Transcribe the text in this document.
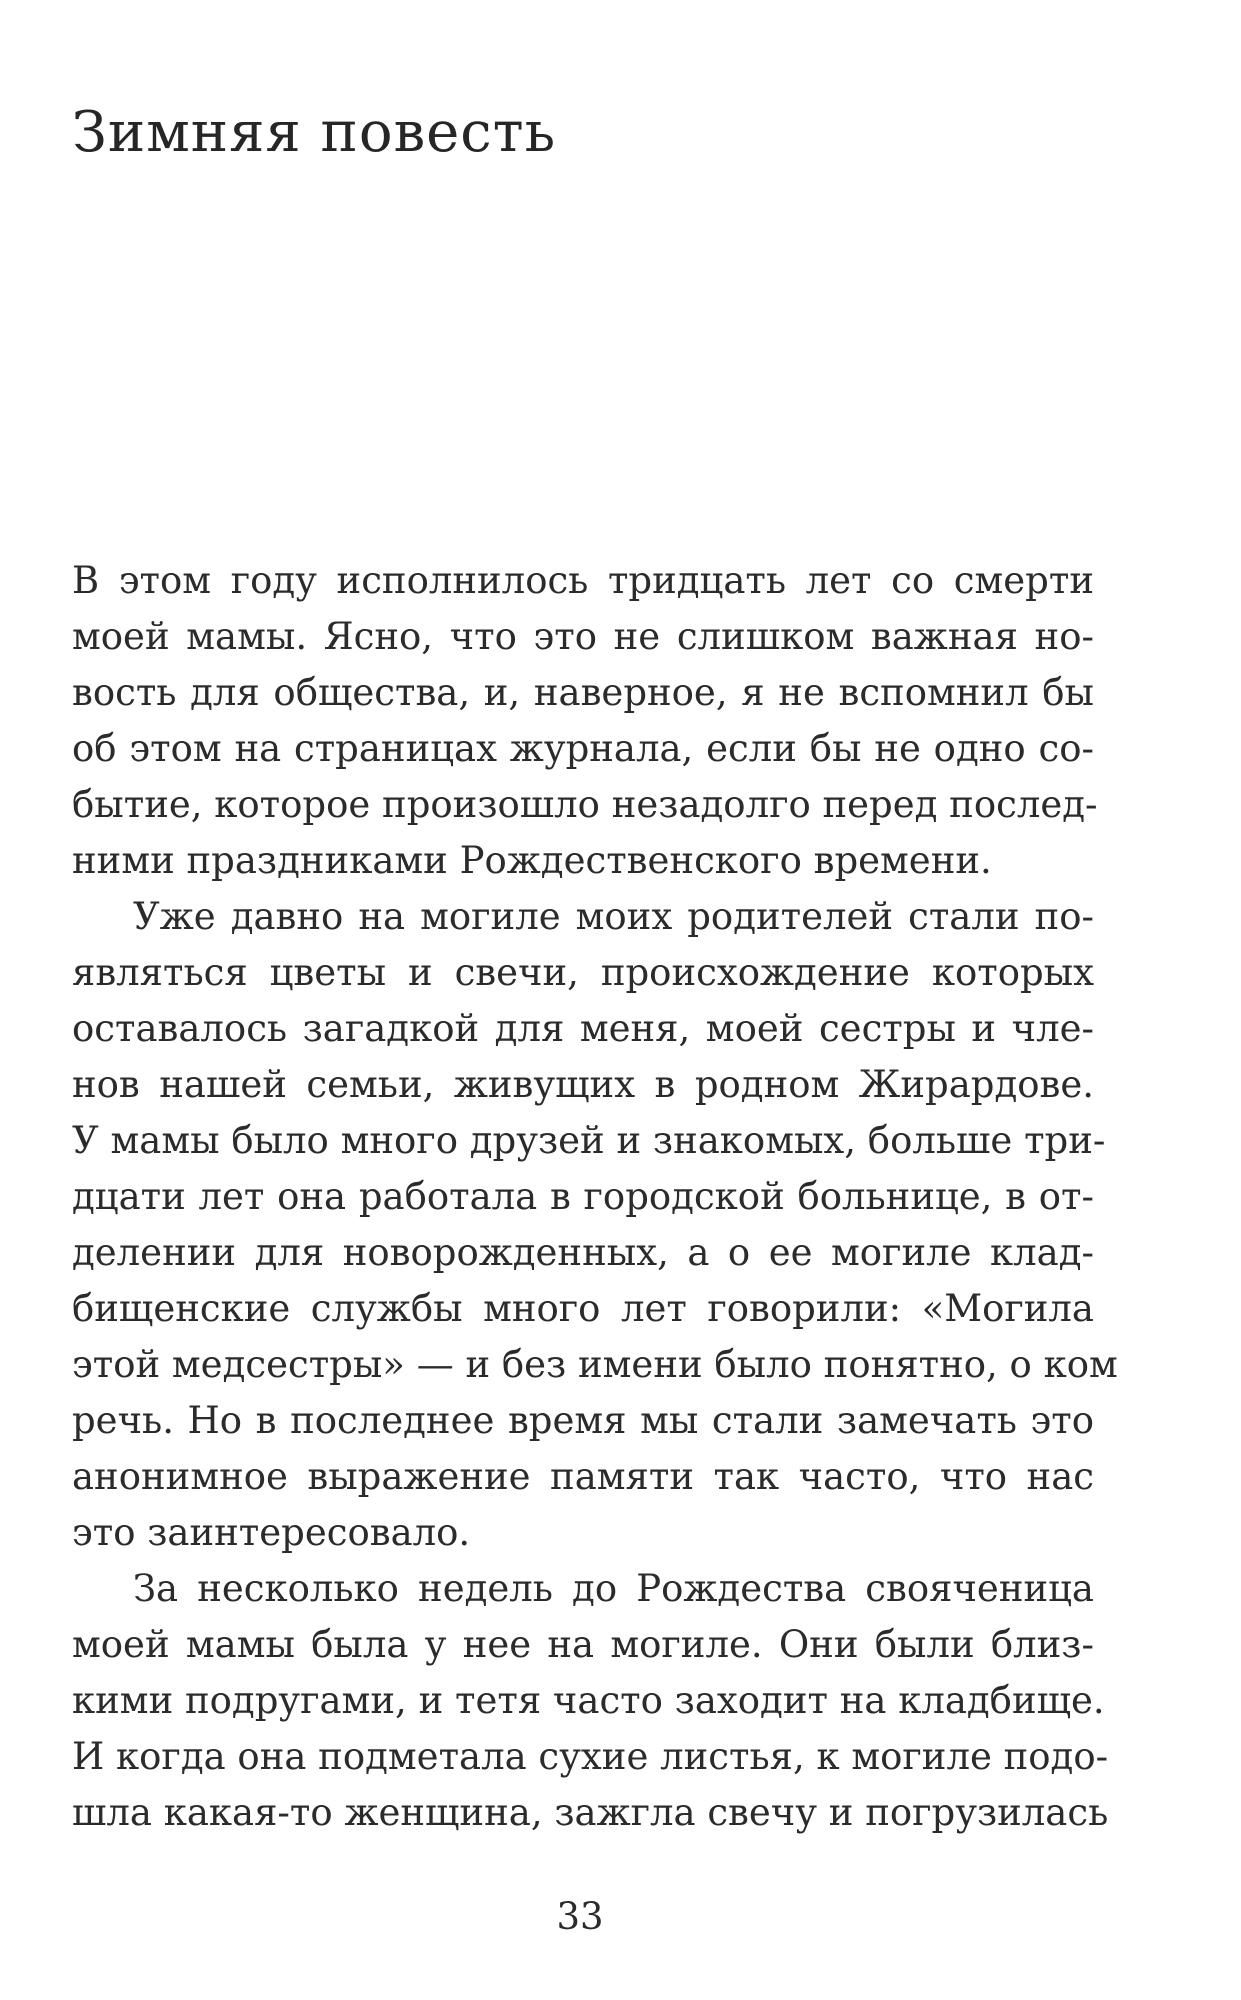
Зимняя повесть
В этом году исполнилось тридцать лет со смерти
моей мамы. Ясно, что это не слишком важная но-
вость для общества, и, наверное, я не вспомнил бы
об этом на страницах журнала, если бы не одно со-
бытие, которое произошло незадолго перед послед-
ними праздниками Рождественского времени.
Уже давно на могиле моих родителей стали по-
являться цветы и свечи, происхождение которых
оставалось загадкой для меня, моей сестры и чле-
нов нашей семьи, живущих в родном Жирардове.
У мамы было много друзей и знакомых, больше три-
дцати лет она работала в городской больнице, в от-
делении для новорожденных, а о ее могиле клад-
бищенские службы много лет говорили: «Могила
этой медсестры» — и без имени было понятно, о ком
речь. Но в последнее время мы стали замечать это
анонимное выражение памяти так часто, что нас
это заинтересовало.
За несколько недель до Рождества свояченица
моей мамы была у нее на могиле. Они были близ-
кими подругами, и тетя часто заходит на кладбище.
И когда она подметала сухие листья, к могиле подо-
шла какая-то женщина, зажгла свечу и погрузилась
33
